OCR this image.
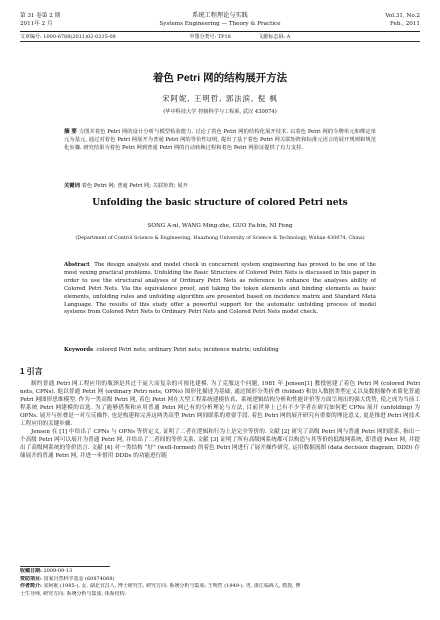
第 31 卷第 2 期
2011年 2 月
系统工程理论与实践
Systems Engineering — Theory & Practice
Vol.31, No.2
Feb., 2011
文章编号: 1000-6788(2011)02-0315-08	中图分类号: TP18	文献标志码: A
着色 Petri 网的结构展开方法
宋阿妮, 王明哲, 郭法滨, 倪 枫
(华中科技大学 控制科学与工程系, 武汉 430074)
摘 要 力图并着色 Petri 网的设计分析与模型检验能力. 讨论了着色 Petri 网的结构化展开技术. 以着色 Petri 网的令牌单元和绑定单元为基元, 通过对着色 Petri 网展开为普通 Petri 网的等价性证明, 提出了基于着色 Petri 网关联矩阵和标准元语言的展开规则和规范化步骤. 研究结果为着色 Petri 网到普通 Petri 网的自动转换过程和着色 Petri 网验证提供了有力支持.
关键词 着色 Petri 网; 普通 Petri 网; 关联矩阵; 展开
Unfolding the basic structure of colored Petri nets
SONG A-ni, WANG Ming-zhe, GUO Fa-bin, NI Feng
(Department of Control Science & Engineering, Huazhong University of Science & Technology, Wuhan 430074, China)
Abstract The design analysis and model check in concurrent system engineering has proved to be one of the most vexing practical problems. Unfolding the Basic Structure of Colored Petri Nets is discussed in this paper in order to use the structural analyses of Ordinary Petri Nets as reference to enhance the analyses ability of Colored Petri Nets. Via the equivalence proof, and taking the token elements and binding elements as basic elements, unfolding rules and unfolding algorithm are presented based on incidence matrix and Standard Meta Language. The results of this study offer a powerful support for the automatic unfolding process of model systems from Colored Petri Nets to Ordinary Petri Nets and Colored Petri Nets model check.
Keywords colored Petri nets; ordinary Petri nets; incidence matrix; unfolding
1 引言

制约普通 Petri 网工程应用的瓶颈是其过于庞大而复杂的可视化建模. 为了克服这个问题, 1981 年 Jensen[1] 教授创建了着色 Petri 网 (colored Petri nets, CPNs). 他以普通 Petri 网 (ordinary Petri nets, OPNs) 图形化描述为基础, 通过图形分类折叠 (folded) 和加入数据类型定义以及数据操作来简化普通 Petri 网图形思维模型. 作为一类高级 Petri 网, 着色 Petri 网在大型工程系统建模仿真、系统逻辑结构分析和性能评价等方面呈现出的强大优势, 使之成为当前工程系统 Petri 网建模的首选. 为了能够借鉴和应用普通 Petri 网已有的分析理论与方法, 目前世界上已有不少学者在研究如何把 CPNs 展开 (unfolding) 为 OPNs. 展开与折叠是一对互反操作, 也是构建和完善这两类高型 Petri 网间联系的重要手段. 着色 Petri 网的展开研究有重要的理论意义, 更是推进 Petri 网技术工程应用的关键步骤.

Jensen 在 [1] 中给出了 CPNs 与 OPNs 等价定义, 证明了二者在逻辑和行为上是完全等价的. 文献 [2] 研究了高级 Petri 网与普通 Petri 网的联系, 指出一个高级 Petri 网可以展开为普通 Petri 网, 并给出了二者间的等价关系. 文献 [3] 证明了所有高级网系统都可以构造与其等价的低级网系统, 即普通 Petri 网, 并提出了高级网系统的等价语言. 文献 [4] 对一类结构 “好” (well-formed) 的着色 Petri 网进行了展开操作研究, 运用数据流图 (data decision diagram, DDD) 存储展开的普通 Petri 网, 并进一步借用 DDDs 的功能进行随

收稿日期: 2009-09-13
资助项目: 国家自然科学基金 (60874068)
作者简介: 宋阿妮 (1985-), 女, 湖北宜昌人, 博士研究生, 研究方向: 系统分析与集成; 王明哲 (1949-), 男, 浙江临海人, 教授, 博
士生导师, 研究方向: 系统分析与集成, 体系结构.
